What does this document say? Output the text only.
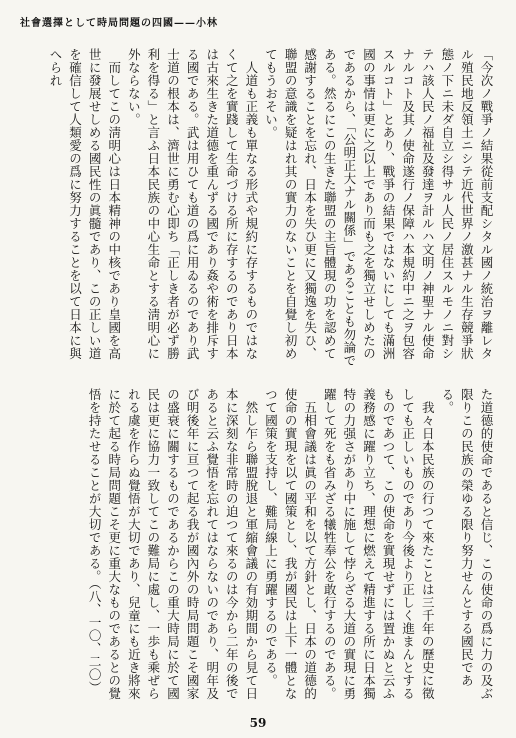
社會選擇として時局問題の四國——小林

「今次ノ戰爭ノ結果從前支配シタル國ノ統治ヲ離レタル殖民地反領土ニシテ近代世界ノ激甚ナル生存競爭狀態ノ下ニ未ダ自立シ得サル人民ノ居住スルモノニ對シテハ該人民ノ福祉及發達ヲ計ルハ文明ノ神聖ナル使命ナルコト及其ノ使命遂行ノ保障ハ本規約中ニ之ヲ包容スルコト」とあり、戰爭の結果ではないにしても滿洲國の事情は更に之以上であり而も之を獨立せしめたのであるから、「公明正大ナル關係」であることも勿論である。然るにこの生きた聯盟の主旨體現の功を認めて感謝することを忘れ、日本を失ひ更に又獨逸を失ひ、聯盟の意識を疑はれ其の實力のないことを自覺し初めてもうおそい。

人道も正義も單なる形式や規約に存するものではなくて之を實踐して生命づける所に存するのであり日本は古來生きた道德を重んずる國であり姦や術を排斥する國である。武は用ひても道の爲に用ゐるのであり武士道の根本は、濟世に勇む心即ち「正しき者が必ず勝利を得る」と言ふ日本民族の中心生命とする淸明心に外ならない。

而してこの淸明心は日本精神の中核であり皇國を高世に發展せしめる國民性の眞髓であり、この正しい道を確信して人類愛の爲に努力することを以て日本に與へられ

た道德的使命であると信じ、この使命の爲に力の及ぶ限りこの民族の榮ゆる限り努力せんとする國民である。

我々日本民族の行つて來たことは三千年の歷史に徵しても正しいものであり今後より正しく進まんとするものであつて、この使命を實現せずには置かぬと云ふ義務感に躍り立ち、理想に燃えて精進する所に日本獨特の力强さがあり中に施して悖らざる大道の實現に勇躍して死をも省みざる犧牲奉公を敢行するのである。

五相會議は眞の平和を以て方針とし、日本の道德的使命の實現を以て國策とし、我が國民は上下一體となつて國策を支持し、難局線上に勇躍するのである。

然し乍ら聯盟脫退と軍縮會議の有効期間から見て日本に深刻な非常時の迫つて來るのは今から二年の後であると云ふ覺悟を忘れてはならないのであり、明年及び明後年に亘つて起る我が國內外の時局問題こそ國家の盛衰に關するものであるからこの重大時局に於て國民は更に協力一致してこの難局に處し、一歩も乘ぜられる虞を作らぬ覺悟が大切であり、兒童にも近き將來に於て起る時局問題こそ更に重大なものであるとの覺悟を持たせることが大切である。（八、一〇、二〇）

59
